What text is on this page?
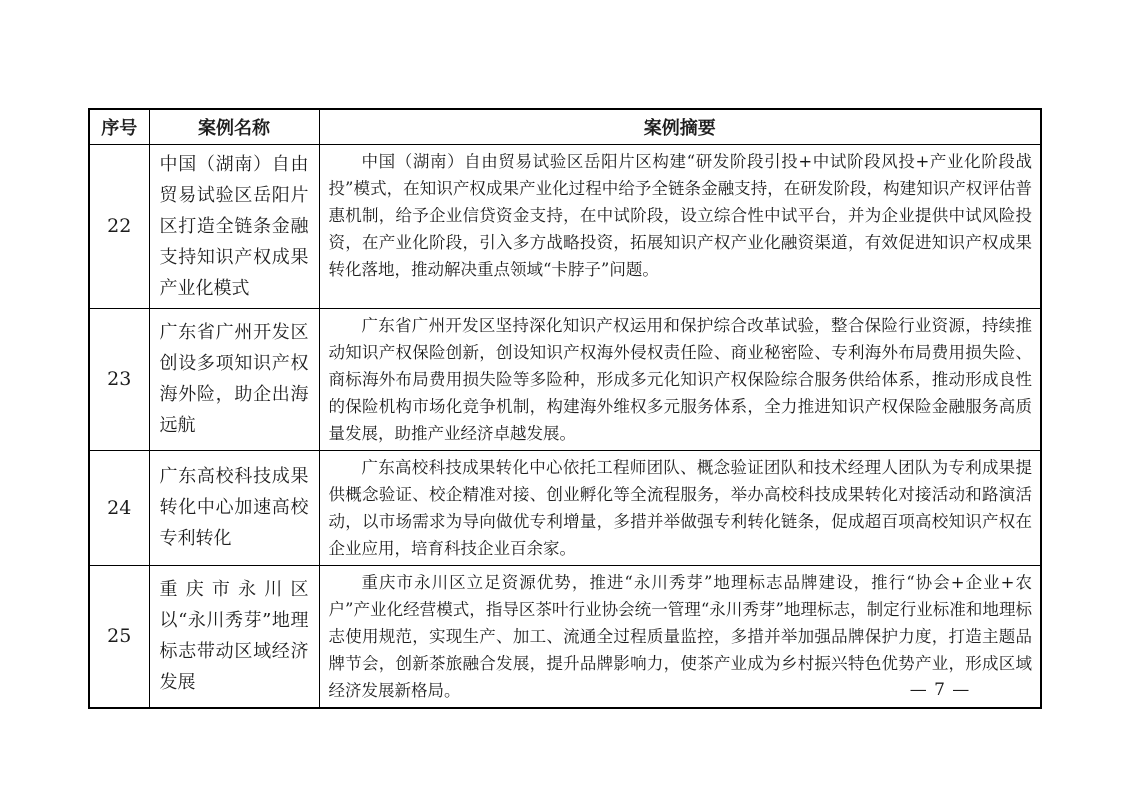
序号	案例名称	案例摘要
22	中国（湖南）自由贸易试验区岳阳片区打造全链条金融支持知识产权成果产业化模式	中国（湖南）自由贸易试验区岳阳片区构建“研发阶段引投+中试阶段风投+产业化阶段战投”模式，在知识产权成果产业化过程中给予全链条金融支持，在研发阶段，构建知识产权评估普惠机制，给予企业信贷资金支持，在中试阶段，设立综合性中试平台，并为企业提供中试风险投资，在产业化阶段，引入多方战略投资，拓展知识产权产业化融资渠道，有效促进知识产权成果转化落地，推动解决重点领域“卡脖子”问题。

23	广东省广州开发区创设多项知识产权海外险，助企出海远航	广东省广州开发区坚持深化知识产权运用和保护综合改革试验，整合保险行业资源，持续推动知识产权保险创新，创设知识产权海外侵权责任险、商业秘密险、专利海外布局费用损失险、商标海外布局费用损失险等多险种，形成多元化知识产权保险综合服务供给体系，推动形成良性的保险机构市场化竞争机制，构建海外维权多元服务体系，全力推进知识产权保险金融服务高质量发展，助推产业经济卓越发展。

24	广东高校科技成果转化中心加速高校专利转化	广东高校科技成果转化中心依托工程师团队、概念验证团队和技术经理人团队为专利成果提供概念验证、校企精准对接、创业孵化等全流程服务，举办高校科技成果转化对接活动和路演活动，以市场需求为导向做优专利增量，多措并举做强专利转化链条，促成超百项高校知识产权在企业应用，培育科技企业百余家。

25	重庆市永川区以“永川秀芽”地理标志带动区域经济发展	重庆市永川区立足资源优势，推进“永川秀芽”地理标志品牌建设，推行“协会+企业+农户”产业化经营模式，指导区茶叶行业协会统一管理“永川秀芽”地理标志，制定行业标准和地理标志使用规范，实现生产、加工、流通全过程质量监控，多措并举加强品牌保护力度，打造主题品牌节会，创新茶旅融合发展，提升品牌影响力，使茶产业成为乡村振兴特色优势产业，形成区域经济发展新格局。	— 7 —
